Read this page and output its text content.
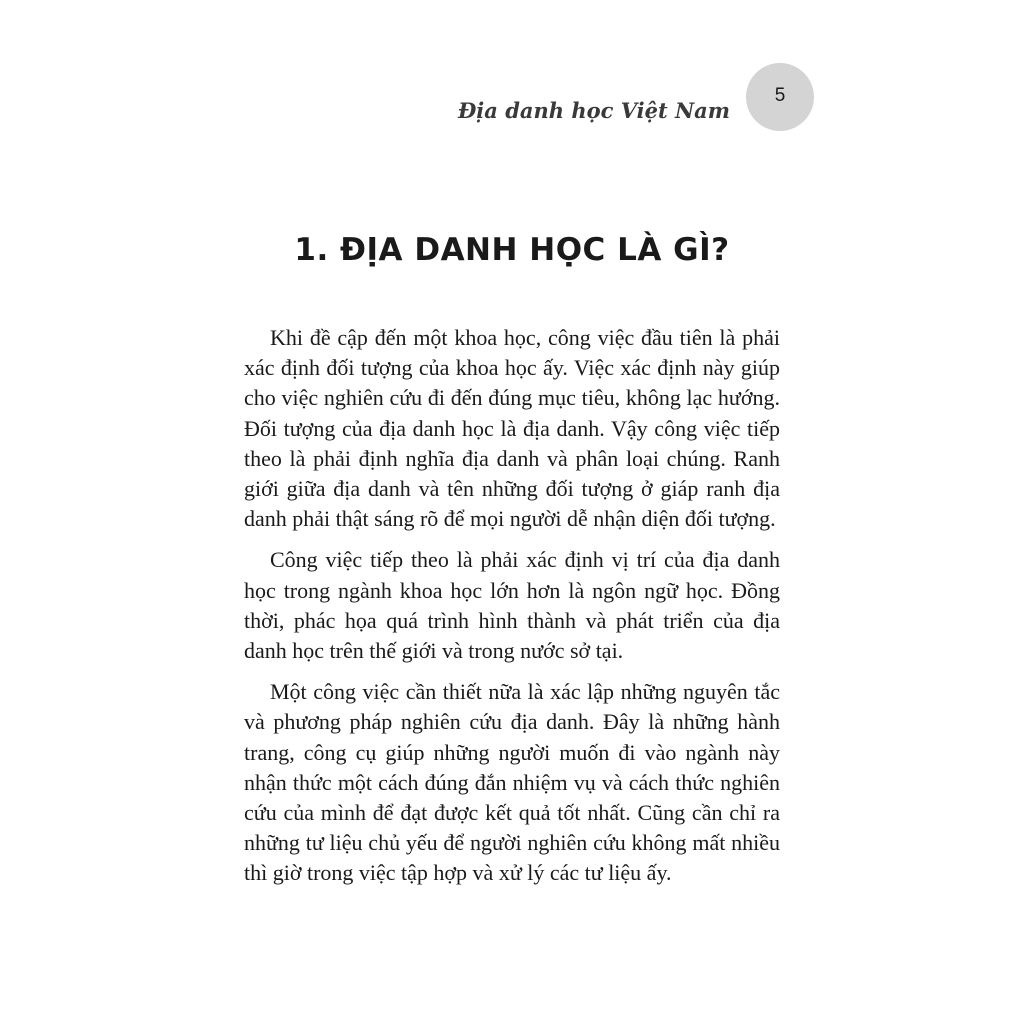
Địa danh học Việt Nam
5
1. ĐỊA DANH HỌC LÀ GÌ?

Khi đề cập đến một khoa học, công việc đầu tiên là phải xác định đối tượng của khoa học ấy. Việc xác định này giúp cho việc nghiên cứu đi đến đúng mục tiêu, không lạc hướng. Đối tượng của địa danh học là địa danh. Vậy công việc tiếp theo là phải định nghĩa địa danh và phân loại chúng. Ranh giới giữa địa danh và tên những đối tượng ở giáp ranh địa danh phải thật sáng rõ để mọi người dễ nhận diện đối tượng.

Công việc tiếp theo là phải xác định vị trí của địa danh học trong ngành khoa học lớn hơn là ngôn ngữ học. Đồng thời, phác họa quá trình hình thành và phát triển của địa danh học trên thế giới và trong nước sở tại.

Một công việc cần thiết nữa là xác lập những nguyên tắc và phương pháp nghiên cứu địa danh. Đây là những hành trang, công cụ giúp những người muốn đi vào ngành này nhận thức một cách đúng đắn nhiệm vụ và cách thức nghiên cứu của mình để đạt được kết quả tốt nhất. Cũng cần chỉ ra những tư liệu chủ yếu để người nghiên cứu không mất nhiều thì giờ trong việc tập hợp và xử lý các tư liệu ấy.
